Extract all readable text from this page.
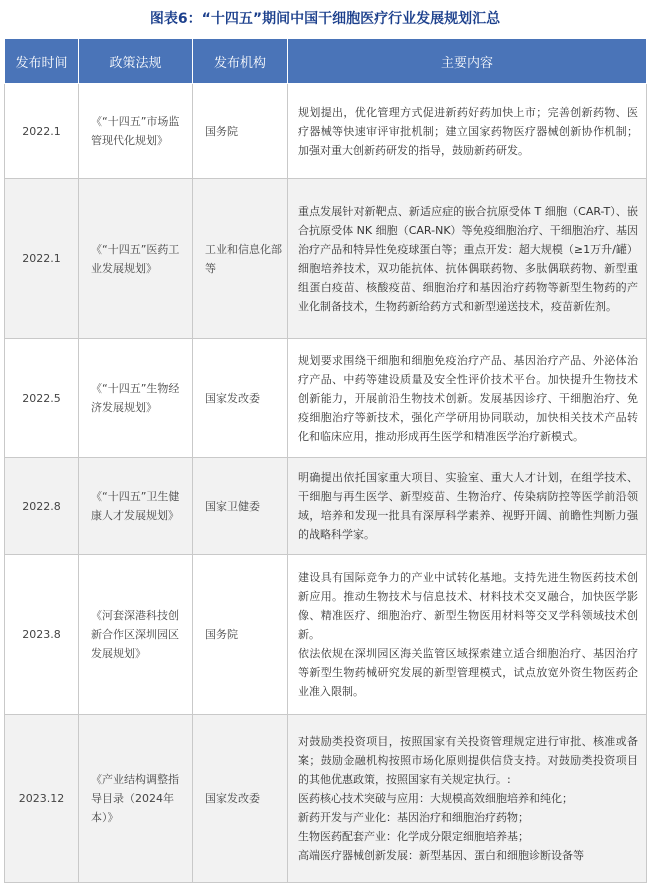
图表6：“十四五”期间中国干细胞医疗行业发展规划汇总
发布时间	政策法规	发布机构	主要内容
2022.1	《“十四五”市场监管现代化规划》	国务院	规划提出，优化管理方式促进新药好药加快上市；完善创新药物、医疗器械等快速审评审批机制；建立国家药物医疗器械创新协作机制；加强对重大创新药研发的指导，鼓励新药研发。

2022.1	《“十四五”医药工业发展规划》	工业和信息化部等	重点发展针对新靶点、新适应症的嵌合抗原受体 T 细胞（CAR-T）、嵌合抗原受体 NK 细胞（CAR-NK）等免疫细胞治疗、干细胞治疗、基因治疗产品和特异性免疫球蛋白等；重点开发：超大规模（≥1万升/罐）细胞培养技术，双功能抗体、抗体偶联药物、多肽偶联药物、新型重组蛋白疫苗、核酸疫苗、细胞治疗和基因治疗药物等新型生物药的产业化制备技术，生物药新给药方式和新型递送技术，疫苗新佐剂。

2022.5	《“十四五”生物经济发展规划》	国家发改委	规划要求围绕干细胞和细胞免疫治疗产品、基因治疗产品、外泌体治疗产品、中药等建设质量及安全性评价技术平台。加快提升生物技术创新能力，开展前沿生物技术创新。发展基因诊疗、干细胞治疗、免疫细胞治疗等新技术，强化产学研用协同联动，加快相关技术产品转化和临床应用，推动形成再生医学和精准医学治疗新模式。

2022.8	《“十四五”卫生健康人才发展规划》	国家卫健委	明确提出依托国家重大项目、实验室、重大人才计划，在组学技术、干细胞与再生医学、新型疫苗、生物治疗、传染病防控等医学前沿领域，培养和发现一批具有深厚科学素养、视野开阔、前瞻性判断力强的战略科学家。

2023.8	《河套深港科技创新合作区深圳园区发展规划》	国务院	建设具有国际竞争力的产业中试转化基地。支持先进生物医药技术创新应用。推动生物技术与信息技术、材料技术交叉融合，加快医学影像、精准医疗、细胞治疗、新型生物医用材料等交叉学科领域技术创新。
依法依规在深圳园区海关监管区域探索建立适合细胞治疗、基因治疗等新型生物药械研究发展的新型管理模式，试点放宽外资生物医药企业准入限制。

2023.12	《产业结构调整指导目录（2024年本）》	国家发改委	对鼓励类投资项目，按照国家有关投资管理规定进行审批、核准或备案；鼓励金融机构按照市场化原则提供信贷支持。对鼓励类投资项目的其他优惠政策，按照国家有关规定执行。:
医药核心技术突破与应用：大规模高效细胞培养和纯化；
新药开发与产业化：基因治疗和细胞治疗药物；
生物医药配套产业：化学成分限定细胞培养基；
高端医疗器械创新发展：新型基因、蛋白和细胞诊断设备等
